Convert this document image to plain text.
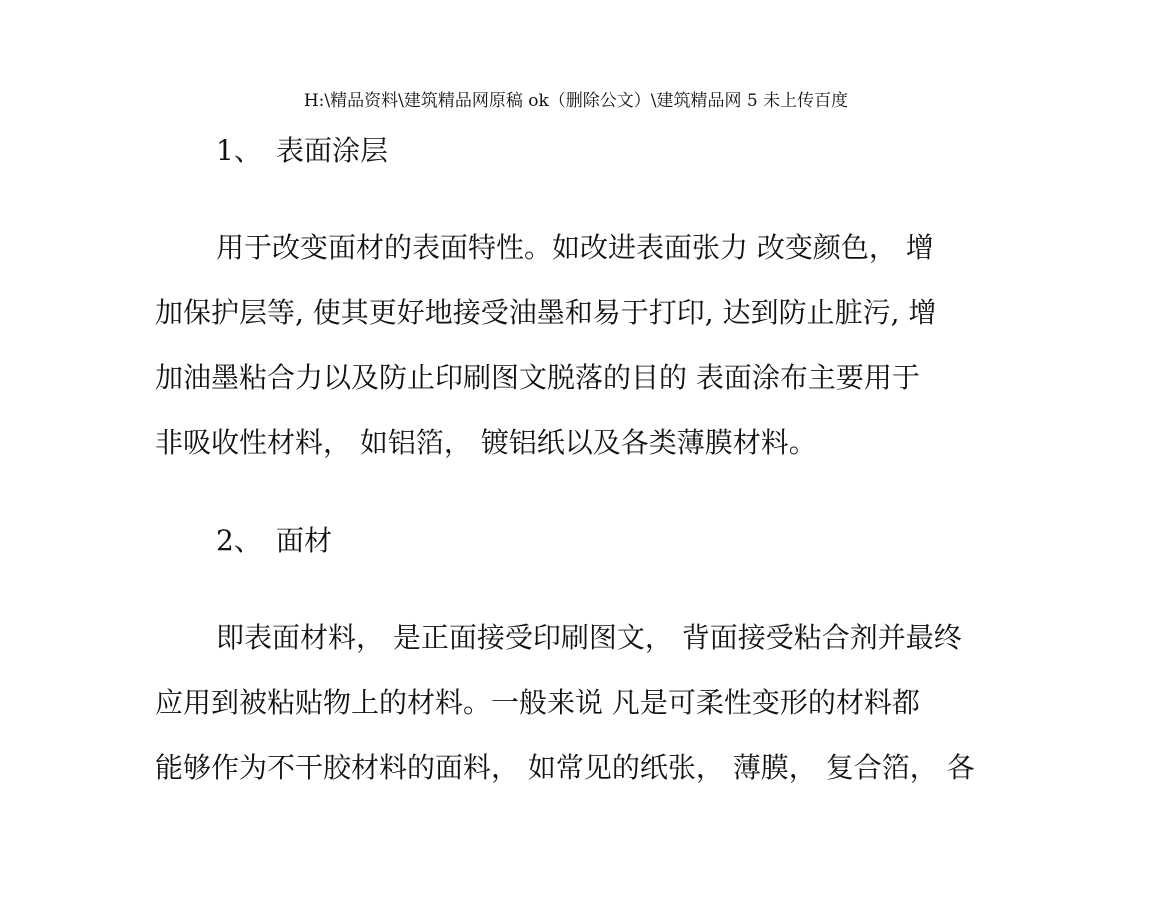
H:\精品资料\建筑精品网原稿 ok（删除公文）\建筑精品网 5 未上传百度
1、 表面涂层
用于改变面材的表面特性。如改进表面张力 改变颜色， 增
加保护层等, 使其更好地接受油墨和易于打印, 达到防止脏污, 增
加油墨粘合力以及防止印刷图文脱落的目的 表面涂布主要用于
非吸收性材料， 如铝箔， 镀铝纸以及各类薄膜材料。
2、 面材
即表面材料， 是正面接受印刷图文， 背面接受粘合剂并最终
应用到被粘贴物上的材料。一般来说 凡是可柔性变形的材料都
能够作为不干胶材料的面料， 如常见的纸张， 薄膜， 复合箔， 各
